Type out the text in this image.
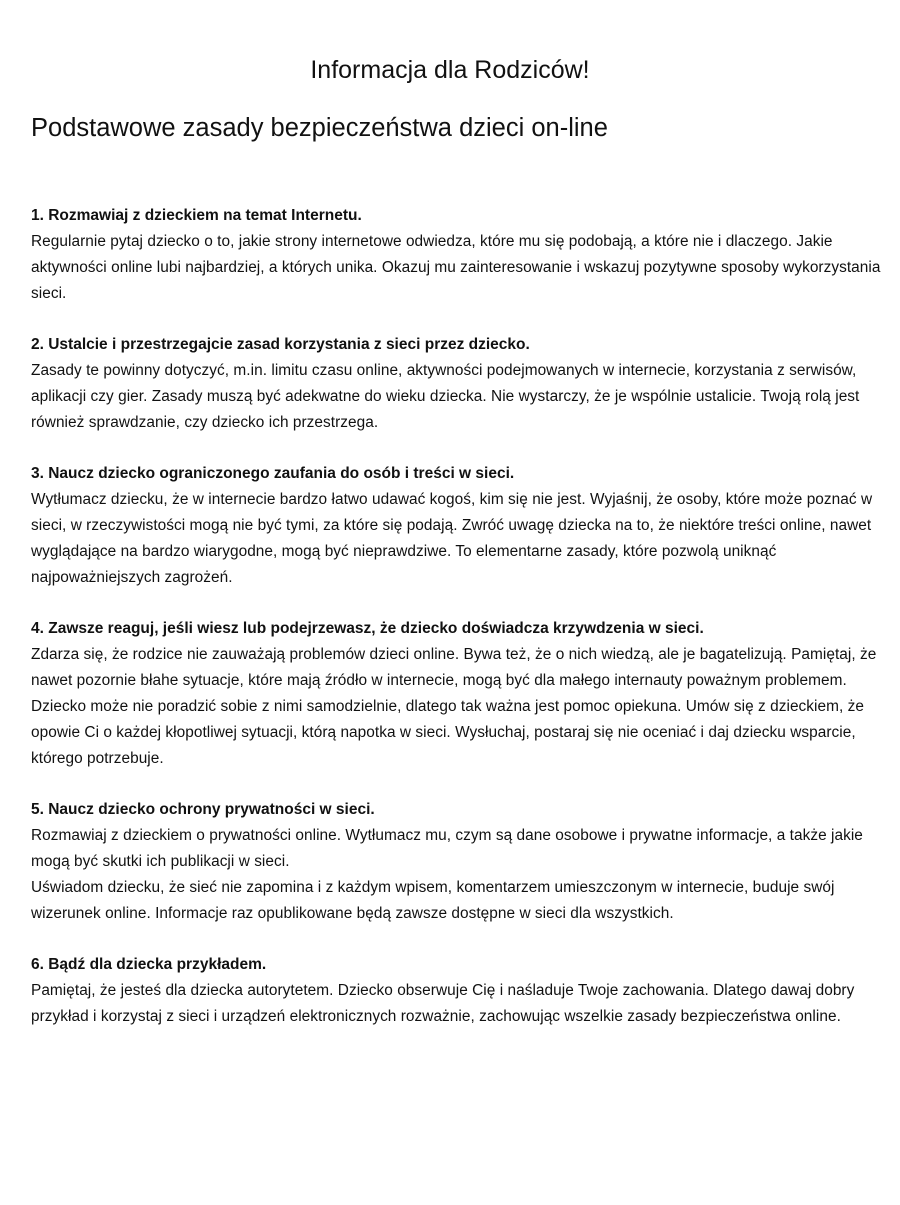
Informacja dla Rodziców!
Podstawowe zasady bezpieczeństwa dzieci on-line
1. Rozmawiaj z dzieckiem na temat Internetu.

Regularnie pytaj dziecko o to, jakie strony internetowe odwiedza, które mu się podobają, a które nie i dlaczego. Jakie aktywności online lubi najbardziej, a których unika. Okazuj mu zainteresowanie i wskazuj pozytywne sposoby wykorzystania sieci.

2. Ustalcie i przestrzegajcie zasad korzystania z sieci przez dziecko.

Zasady te powinny dotyczyć, m.in. limitu czasu online, aktywności podejmowanych w internecie, korzystania z serwisów, aplikacji czy gier. Zasady muszą być adekwatne do wieku dziecka. Nie wystarczy, że je wspólnie ustalicie. Twoją rolą jest również sprawdzanie, czy dziecko ich przestrzega.

3. Naucz dziecko ograniczonego zaufania do osób i treści w sieci.

Wytłumacz dziecku, że w internecie bardzo łatwo udawać kogoś, kim się nie jest. Wyjaśnij, że osoby, które może poznać w sieci, w rzeczywistości mogą nie być tymi, za które się podają. Zwróć uwagę dziecka na to, że niektóre treści online, nawet wyglądające na bardzo wiarygodne, mogą być nieprawdziwe. To elementarne zasady, które pozwolą uniknąć najpoważniejszych zagrożeń.

4. Zawsze reaguj, jeśli wiesz lub podejrzewasz, że dziecko doświadcza krzywdzenia w sieci.

Zdarza się, że rodzice nie zauważają problemów dzieci online. Bywa też, że o nich wiedzą, ale je bagatelizują. Pamiętaj, że nawet pozornie błahe sytuacje, które mają źródło w internecie, mogą być dla małego internauty poważnym problemem. Dziecko może nie poradzić sobie z nimi samodzielnie, dlatego tak ważna jest pomoc opiekuna. Umów się z dzieckiem, że opowie Ci o każdej kłopotliwej sytuacji, którą napotka w sieci. Wysłuchaj, postaraj się nie oceniać i daj dziecku wsparcie, którego potrzebuje.

5. Naucz dziecko ochrony prywatności w sieci.

Rozmawiaj z dzieckiem o prywatności online. Wytłumacz mu, czym są dane osobowe i prywatne informacje, a także jakie mogą być skutki ich publikacji w sieci.

Uświadom dziecku, że sieć nie zapomina i z każdym wpisem, komentarzem umieszczonym w internecie, buduje swój wizerunek online. Informacje raz opublikowane będą zawsze dostępne w sieci dla wszystkich.

6. Bądź dla dziecka przykładem.

Pamiętaj, że jesteś dla dziecka autorytetem. Dziecko obserwuje Cię i naśladuje Twoje zachowania. Dlatego dawaj dobry przykład i korzystaj z sieci i urządzeń elektronicznych rozważnie, zachowując wszelkie zasady bezpieczeństwa online.
